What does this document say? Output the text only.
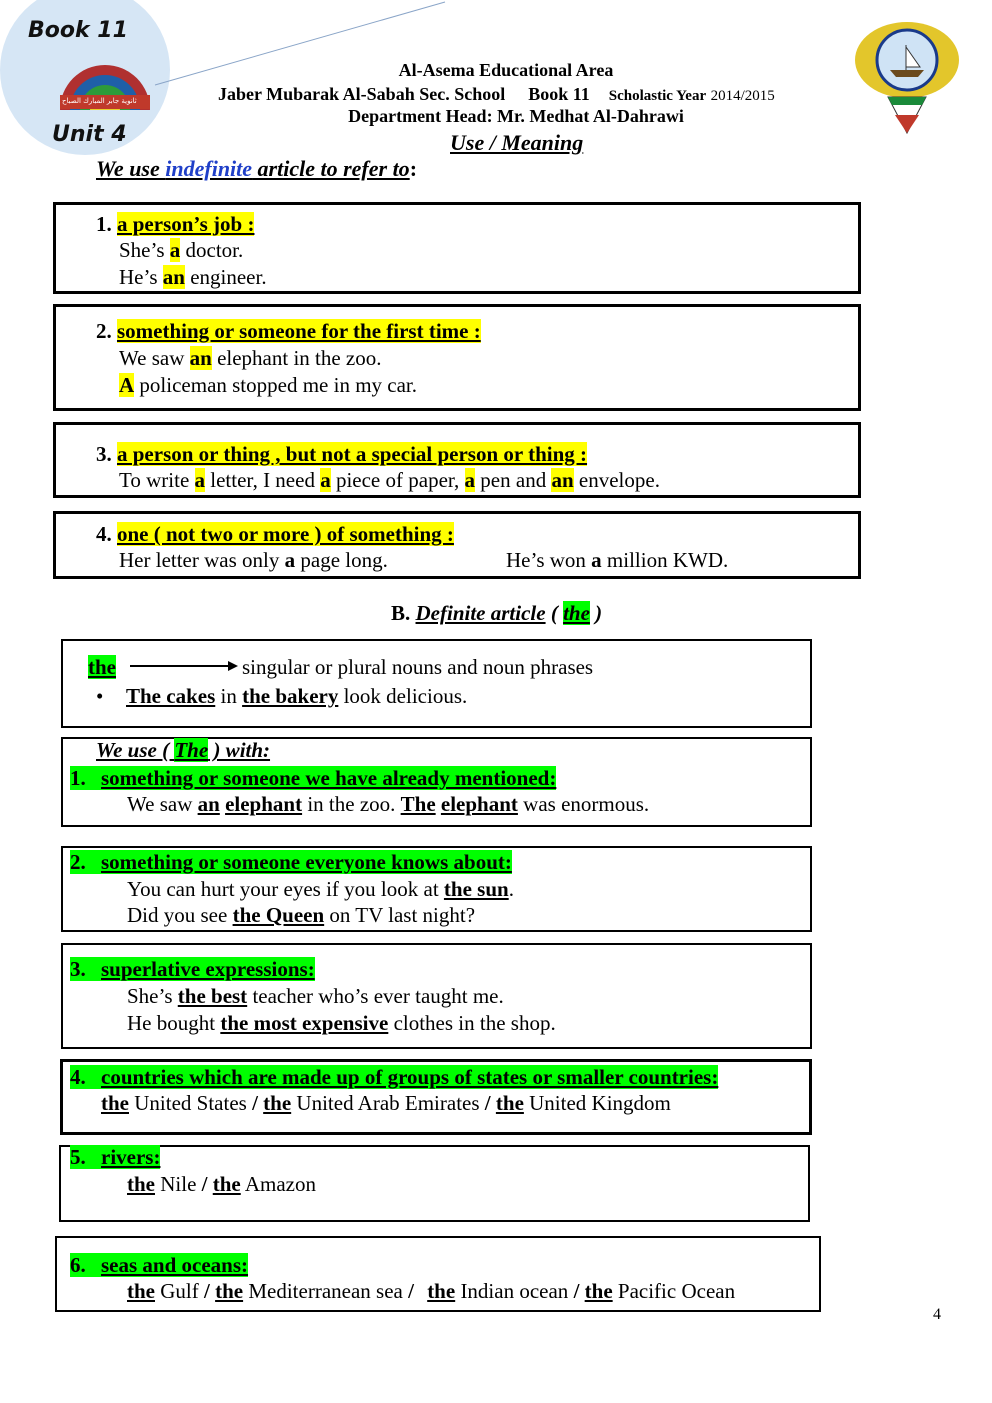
Book 11
Unit 4
ثانوية جابر المبارك الصباح
Al-Asema Educational Area
Jaber Mubarak Al-Sabah Sec. School Book 11 Scholastic Year 2014/2015
Department Head: Mr. Medhat Al-Dahrawi
Use / Meaning
We use indefinite article to refer to:
1. a person’s job :
She’s a doctor.
He’s an engineer.
2. something or someone for the first time :
We saw an elephant in the zoo.
A policeman stopped me in my car.
3. a person or thing , but not a special person or thing :
To write a letter, I need a piece of paper, a pen and an envelope.
4. one ( not two or more ) of something :
Her letter was only a page long.	He’s won a million KWD.
B. Definite article ( the )
the	singular or plural nouns and noun phrases
• The cakes in the bakery look delicious.
We use ( The ) with:
1. something or someone we have already mentioned:
We saw an elephant in the zoo. The elephant was enormous.
2. something or someone everyone knows about:
You can hurt your eyes if you look at the sun.
Did you see the Queen on TV last night?
3. superlative expressions:
She’s the best teacher who’s ever taught me.
He bought the most expensive clothes in the shop.
4. countries which are made up of groups of states or smaller countries:
the United States / the United Arab Emirates / the United Kingdom
5. rivers:
the Nile / the Amazon
6. seas and oceans:
the Gulf / the Mediterranean sea / the Indian ocean / the Pacific Ocean
4
